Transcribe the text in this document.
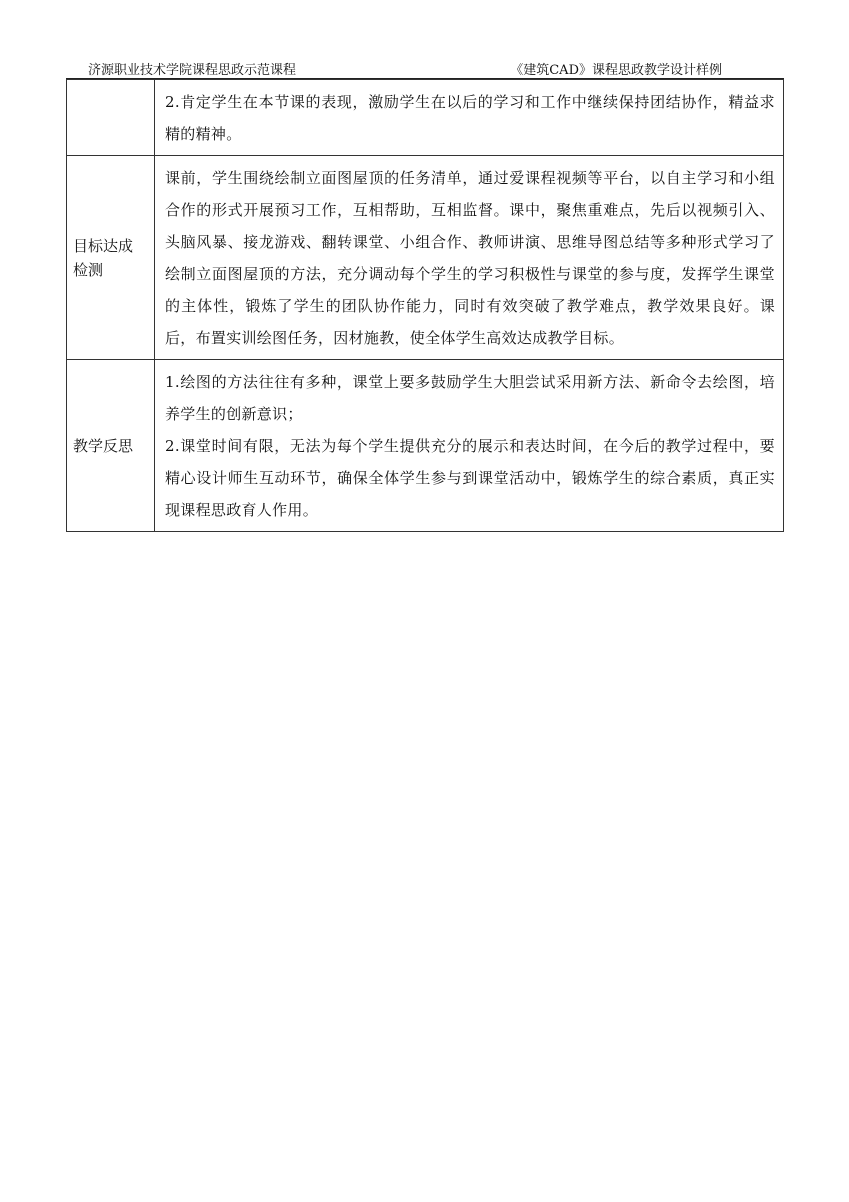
济源职业技术学院课程思政示范课程	《建筑CAD》课程思政教学设计样例

	2.肯定学生在本节课的表现，激励学生在以后的学习和工作中继续保持团结协作，精益求精的精神。

目标达成检测	课前，学生围绕绘制立面图屋顶的任务清单，通过爱课程视频等平台，以自主学习和小组合作的形式开展预习工作，互相帮助，互相监督。课中，聚焦重难点，先后以视频引入、头脑风暴、接龙游戏、翻转课堂、小组合作、教师讲演、思维导图总结等多种形式学习了绘制立面图屋顶的方法，充分调动每个学生的学习积极性与课堂的参与度，发挥学生课堂的主体性，锻炼了学生的团队协作能力，同时有效突破了教学难点，教学效果良好。课后，布置实训绘图任务，因材施教，使全体学生高效达成教学目标。

教学反思	1.绘图的方法往往有多种，课堂上要多鼓励学生大胆尝试采用新方法、新命令去绘图，培养学生的创新意识；

2.课堂时间有限，无法为每个学生提供充分的展示和表达时间，在今后的教学过程中，要精心设计师生互动环节，确保全体学生参与到课堂活动中，锻炼学生的综合素质，真正实现课程思政育人作用。
